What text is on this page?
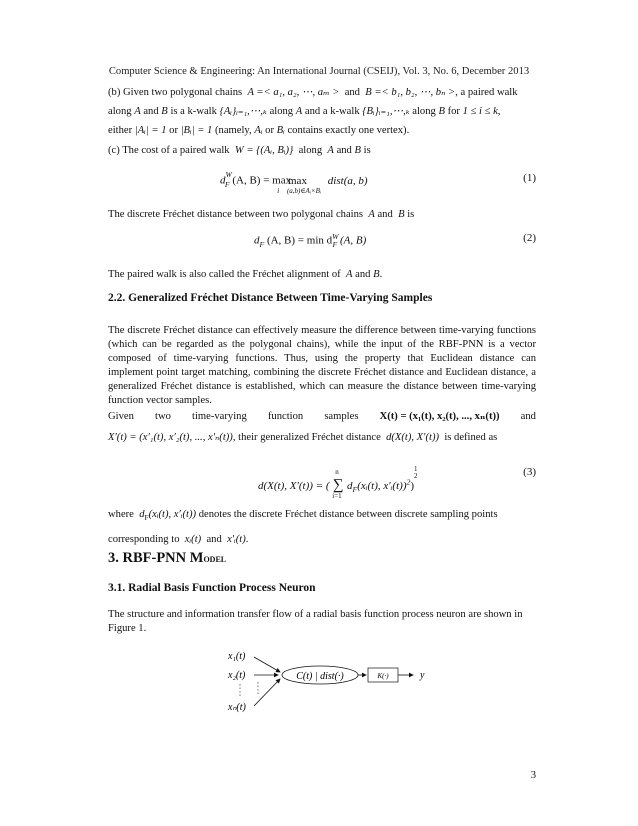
Computer Science & Engineering: An International Journal (CSEIJ), Vol. 3, No. 6, December 2013
(b) Given two polygonal chains A =< a₁, a₂, ⋯, aₘ > and B =< b₁, b₂, ⋯, bₙ >, a paired walk
along A and B is a k-walk {Aᵢ}ᵢ₌₁,⋯,ₖ along A and a k-walk {Bᵢ}ᵢ₌₁,⋯,ₖ along B for 1 ≤ i ≤ k,
either |Aᵢ| = 1 or |Bᵢ| = 1 (namely, Aᵢ or Bᵢ contains exactly one vertex).
(c) The cost of a paired walk W = {(Aᵢ, Bᵢ)} along A and B is
$d^W_F$ (A, $B) = \max_i \max_{(a,b)\in Aᵢ\times Bᵢ}$ dist(a, b)	(1)
The discrete Fréchet distance between two polygonal chains A and B is
$d_F$ (A, $B) = \min d^W_F$ (A, B)	(2)
The paired walk is also called the Fréchet alignment of A and B.
2.2. Generalized Fréchet Distance Between Time-Varying Samples
The discrete Fréchet distance can effectively measure the difference between time-varying functions (which can be regarded as the polygonal chains), while the input of the RBF-PNN is a vector composed of time-varying functions. Thus, using the property that Euclidean distance can implement point target matching, combining the discrete Fréchet distance and Euclidean distance, a generalized Fréchet distance is established, which can measure the distance between time-varying function vector samples.
Given two time-varying function samples X(t) = (x₁(t), x₂(t), ..., xₙ(t)) and
X′(t) = (x′₁(t), x′₂(t), ..., x′ₙ(t)), their generalized Fréchet distance d(X(t), X′(t)) is defined as
d(X(t), X′(t)) = (
n
∑
i=1
$d_F(xᵢ(t)$, x′ᵢ(t))$^2$)1
2	(3)
where $d_F(xᵢ(t)$, x′ᵢ(t)) denotes the discrete Fréchet distance between discrete sampling points
corresponding to xᵢ(t) and x′ᵢ(t).
3. RBF-PNN Model
3.1. Radial Basis Function Process Neuron
The structure and information transfer flow of a radial basis function process neuron are shown in Figure 1.
x₁(t)
x₂(t)
xₙ(t)
C(t) | dist(·)	K(·)	y
3
